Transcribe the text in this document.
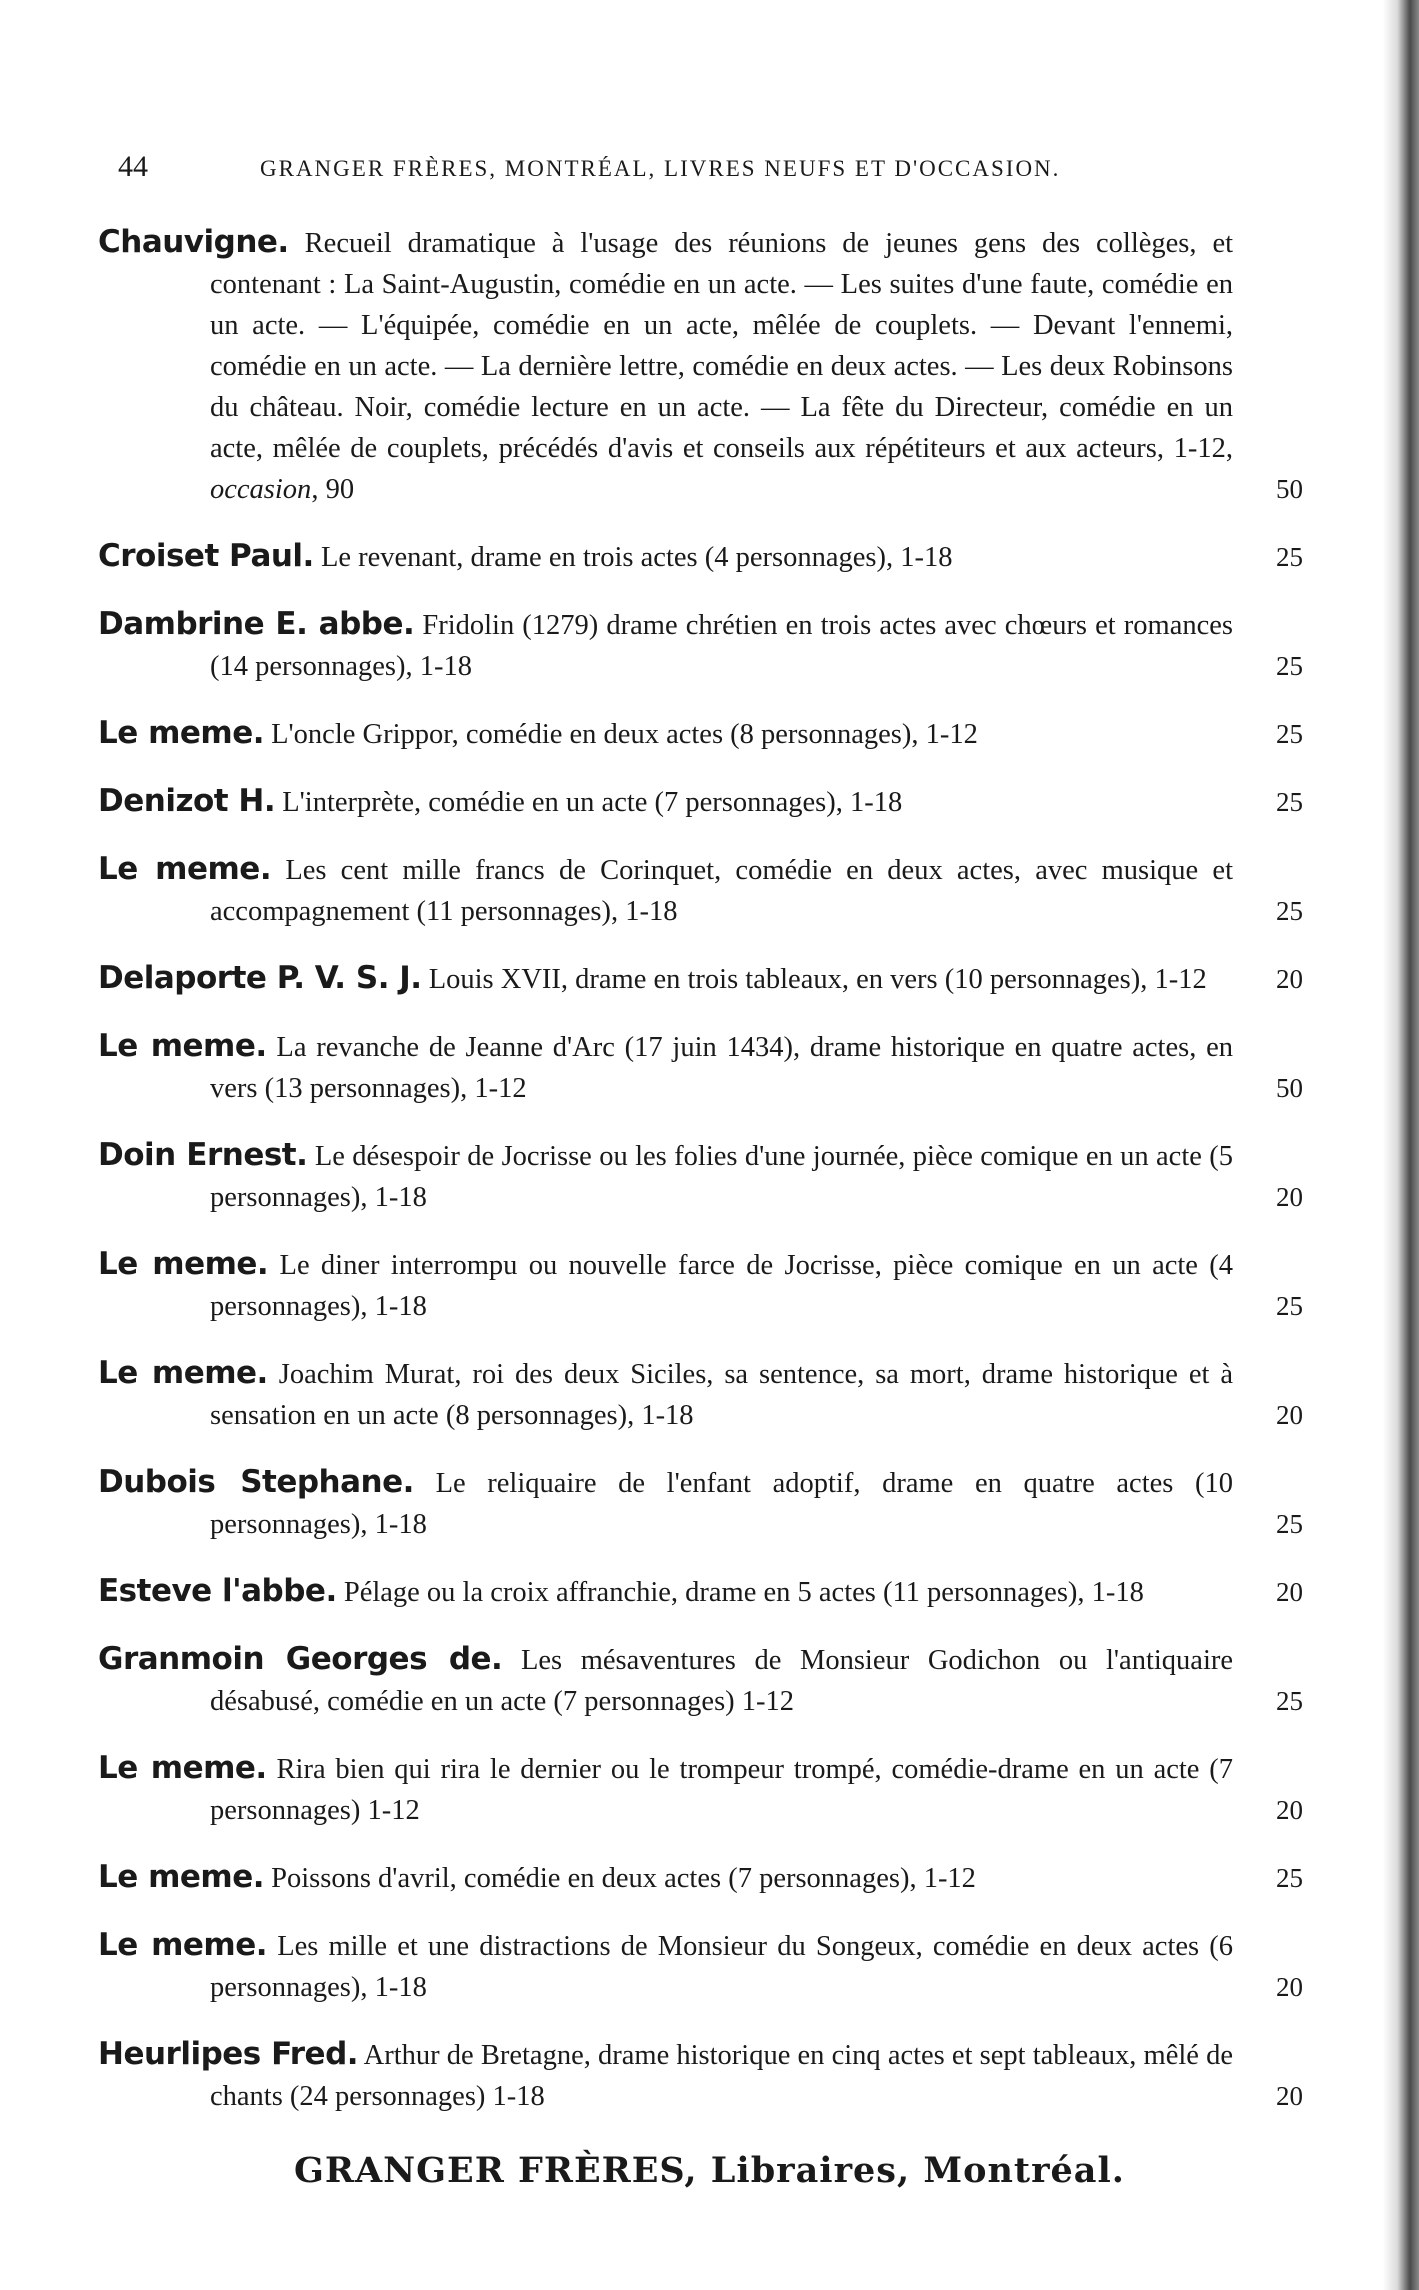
44	GRANGER FRÈRES, MONTRÉAL, LIVRES NEUFS ET D'OCCASION.
Chauvigne. Recueil dramatique à l'usage des réunions de jeunes gens des collèges, et contenant : La Saint-Augustin, comédie en un acte. — Les suites d'une faute, comédie en un acte. — L'équipée, comédie en un acte, mêlée de couplets. — Devant l'ennemi, comédie en un acte. — La dernière lettre, comédie en deux actes. — Les deux Robinsons du château. Noir, comédie lecture en un acte. — La fête du Directeur, comédie en un acte, mêlée de couplets, précédés d'avis et conseils aux répétiteurs et aux acteurs, 1-12, occasion, 90	50
Croiset Paul. Le revenant, drame en trois actes (4 personnages), 1-18	25
Dambrine E. abbe. Fridolin (1279) drame chrétien en trois actes avec chœurs et romances (14 personnages), 1-18	25
Le meme. L'oncle Grippor, comédie en deux actes (8 personnages), 1-12	25
Denizot H. L'interprète, comédie en un acte (7 personnages), 1-18	25
Le meme. Les cent mille francs de Corinquet, comédie en deux actes, avec musique et accompagnement (11 personnages), 1-18	25
Delaporte P. V. S. J. Louis XVII, drame en trois tableaux, en vers (10 personnages), 1-12	20
Le meme. La revanche de Jeanne d'Arc (17 juin 1434), drame historique en quatre actes, en vers (13 personnages), 1-12	50
Doin Ernest. Le désespoir de Jocrisse ou les folies d'une journée, pièce comique en un acte (5 personnages), 1-18	20
Le meme. Le diner interrompu ou nouvelle farce de Jocrisse, pièce comique en un acte (4 personnages), 1-18	25
Le meme. Joachim Murat, roi des deux Siciles, sa sentence, sa mort, drame historique et à sensation en un acte (8 personnages), 1-18	20
Dubois Stephane. Le reliquaire de l'enfant adoptif, drame en quatre actes (10 personnages), 1-18	25
Esteve l'abbe. Pélage ou la croix affranchie, drame en 5 actes (11 personnages), 1-18	20
Granmoin Georges de. Les mésaventures de Monsieur Godichon ou l'antiquaire désabusé, comédie en un acte (7 personnages) 1-12	25
Le meme. Rira bien qui rira le dernier ou le trompeur trompé, comédie-drame en un acte (7 personnages) 1-12	20
Le meme. Poissons d'avril, comédie en deux actes (7 personnages), 1-12	25
Le meme. Les mille et une distractions de Monsieur du Songeux, comédie en deux actes (6 personnages), 1-18	20
Heurlipes Fred. Arthur de Bretagne, drame historique en cinq actes et sept tableaux, mêlé de chants (24 personnages) 1-18	20
GRANGER FRÈRES, Libraires, Montréal.
